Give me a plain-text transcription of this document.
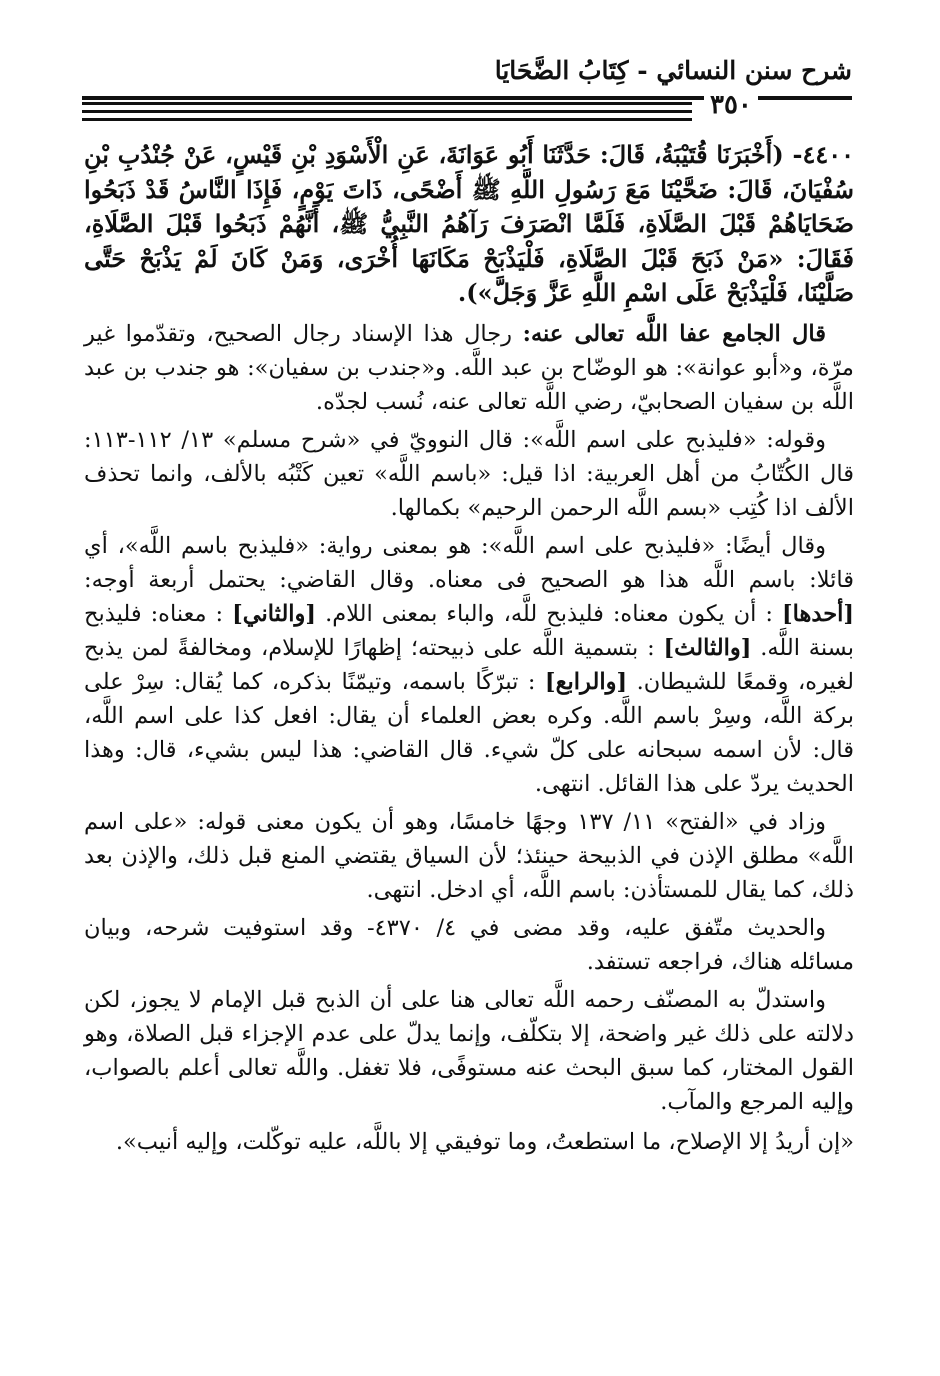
شرح سنن النسائي - كِتَابُ الضَّحَايَا
٣٥٠

٤٤٠٠- (أَخْبَرَنَا قُتَيْبَةُ، قَالَ: حَدَّثَنَا أَبُو عَوَانَةَ، عَنِ الْأَسْوَدِ بْنِ قَيْسٍ، عَنْ جُنْدُبِ بْنِ سُفْيَانَ، قَالَ: ضَحَّيْنَا مَعَ رَسُولِ اللَّهِ ﷺ أَضْحًى، ذَاتَ يَوْمٍ، فَإِذَا النَّاسُ قَدْ ذَبَحُوا ضَحَايَاهُمْ قَبْلَ الصَّلَاةِ، فَلَمَّا انْصَرَفَ رَآهُمُ النَّبِيُّ ﷺ، أَنَّهُمْ ذَبَحُوا قَبْلَ الصَّلَاةِ، فَقَالَ: «مَنْ ذَبَحَ قَبْلَ الصَّلَاةِ، فَلْيَذْبَحْ مَكَانَهَا أُخْرَى، وَمَنْ كَانَ لَمْ يَذْبَحْ حَتَّى صَلَّيْنَا، فَلْيَذْبَحْ عَلَى اسْمِ اللَّهِ عَزَّ وَجَلَّ»).

قال الجامع عفا اللَّه تعالى عنه: رجال هذا الإسناد رجال الصحيح، وتقدّموا غير مرّة، و«أبو عوانة»: هو الوضّاح بن عبد اللَّه. و«جندب بن سفيان»: هو جندب بن عبد اللَّه بن سفيان الصحابيّ، رضي اللَّه تعالى عنه، نُسب لجدّه.

وقوله: «فليذبح على اسم اللَّه»: قال النوويّ في «شرح مسلم» ١٣/ ١١٢-١١٣: قال الكُتّابُ من أهل العربية: اذا قيل: «باسم اللَّه» تعين كَتْبُه بالألف، وانما تحذف الألف اذا كُتِب «بسم اللَّه الرحمن الرحيم» بكمالها.

وقال أيضًا: «فليذبح على اسم اللَّه»: هو بمعنى رواية: «فليذبح باسم اللَّه»، أي قائلا: باسم اللَّه هذا هو الصحيح فى معناه. وقال القاضي: يحتمل أربعة أوجه: [أحدها] : أن يكون معناه: فليذبح للَّه، والباء بمعنى اللام. [والثاني] : معناه: فليذبح بسنة اللَّه. [والثالث] : بتسمية اللَّه على ذبيحته؛ إظهارًا للإسلام، ومخالفةً لمن يذبح لغيره، وقمعًا للشيطان. [والرابع] : تبرّكًا باسمه، وتيمّنًا بذكره، كما يُقال: سِرْ على بركة اللَّه، وسِرْ باسم اللَّه. وكره بعض العلماء أن يقال: افعل كذا على اسم اللَّه، قال: لأن اسمه سبحانه على كلّ شيء. قال القاضي: هذا ليس بشيء، قال: وهذا الحديث يردّ على هذا القائل. انتهى.

وزاد في «الفتح» ١١/ ١٣٧ وجهًا خامسًا، وهو أن يكون معنى قوله: «على اسم اللَّه» مطلق الإذن في الذبيحة حينئذ؛ لأن السياق يقتضي المنع قبل ذلك، والإذن بعد ذلك، كما يقال للمستأذن: باسم اللَّه، أي ادخل. انتهى.

والحديث متّفق عليه، وقد مضى في ٤/ ٤٣٧٠- وقد استوفيت شرحه، وبيان مسائله هناك، فراجعه تستفد.

واستدلّ به المصنّف رحمه اللَّه تعالى هنا على أن الذبح قبل الإمام لا يجوز، لكن دلالته على ذلك غير واضحة، إلا بتكلّف، وإنما يدلّ على عدم الإجزاء قبل الصلاة، وهو القول المختار، كما سبق البحث عنه مستوفًى، فلا تغفل. واللَّه تعالى أعلم بالصواب، وإليه المرجع والمآب.

«إن أريدُ إلا الإصلاح، ما استطعتُ، وما توفيقي إلا باللَّه، عليه توكّلت، وإليه أنيب».
